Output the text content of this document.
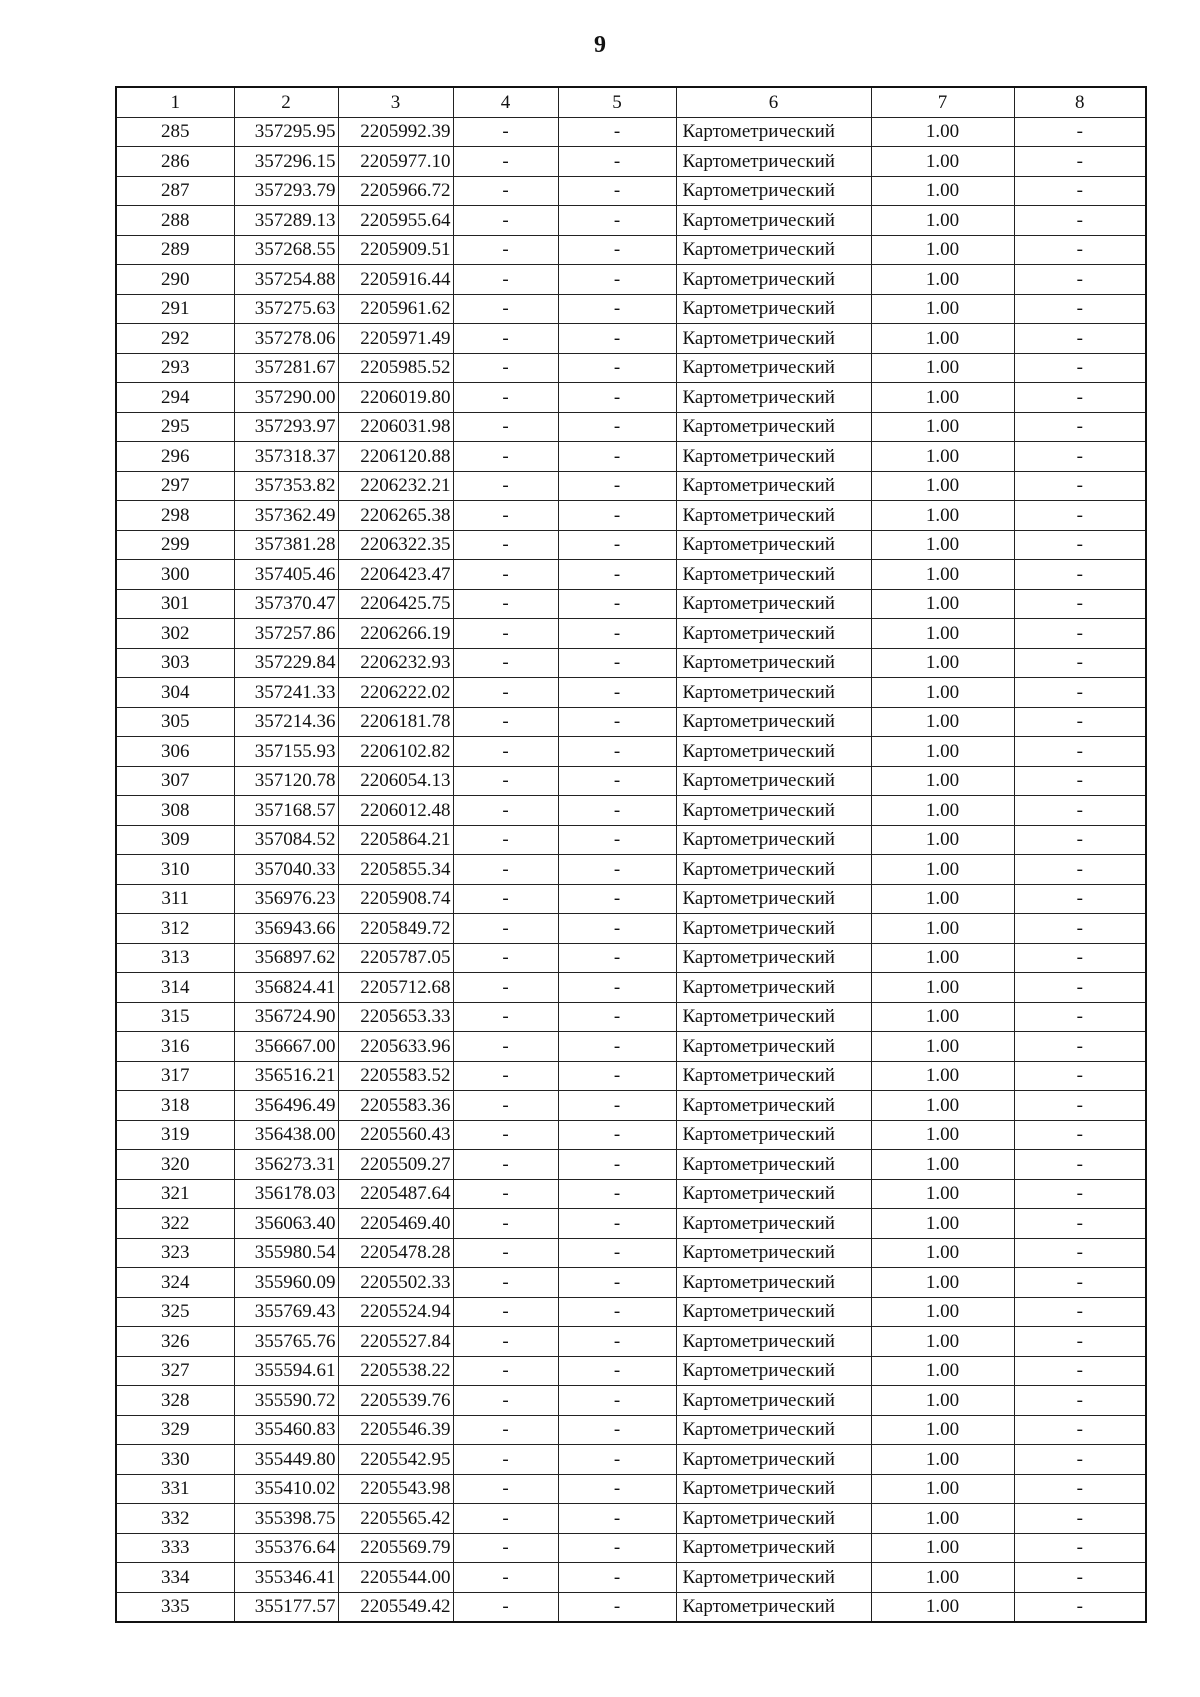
9
1	2	3	4	5	6	7	8
285	357295.95	2205992.39	-	-	Картометрический	1.00	-
286	357296.15	2205977.10	-	-	Картометрический	1.00	-
287	357293.79	2205966.72	-	-	Картометрический	1.00	-
288	357289.13	2205955.64	-	-	Картометрический	1.00	-
289	357268.55	2205909.51	-	-	Картометрический	1.00	-
290	357254.88	2205916.44	-	-	Картометрический	1.00	-
291	357275.63	2205961.62	-	-	Картометрический	1.00	-
292	357278.06	2205971.49	-	-	Картометрический	1.00	-
293	357281.67	2205985.52	-	-	Картометрический	1.00	-
294	357290.00	2206019.80	-	-	Картометрический	1.00	-
295	357293.97	2206031.98	-	-	Картометрический	1.00	-
296	357318.37	2206120.88	-	-	Картометрический	1.00	-
297	357353.82	2206232.21	-	-	Картометрический	1.00	-
298	357362.49	2206265.38	-	-	Картометрический	1.00	-
299	357381.28	2206322.35	-	-	Картометрический	1.00	-
300	357405.46	2206423.47	-	-	Картометрический	1.00	-
301	357370.47	2206425.75	-	-	Картометрический	1.00	-
302	357257.86	2206266.19	-	-	Картометрический	1.00	-
303	357229.84	2206232.93	-	-	Картометрический	1.00	-
304	357241.33	2206222.02	-	-	Картометрический	1.00	-
305	357214.36	2206181.78	-	-	Картометрический	1.00	-
306	357155.93	2206102.82	-	-	Картометрический	1.00	-
307	357120.78	2206054.13	-	-	Картометрический	1.00	-
308	357168.57	2206012.48	-	-	Картометрический	1.00	-
309	357084.52	2205864.21	-	-	Картометрический	1.00	-
310	357040.33	2205855.34	-	-	Картометрический	1.00	-
311	356976.23	2205908.74	-	-	Картометрический	1.00	-
312	356943.66	2205849.72	-	-	Картометрический	1.00	-
313	356897.62	2205787.05	-	-	Картометрический	1.00	-
314	356824.41	2205712.68	-	-	Картометрический	1.00	-
315	356724.90	2205653.33	-	-	Картометрический	1.00	-
316	356667.00	2205633.96	-	-	Картометрический	1.00	-
317	356516.21	2205583.52	-	-	Картометрический	1.00	-
318	356496.49	2205583.36	-	-	Картометрический	1.00	-
319	356438.00	2205560.43	-	-	Картометрический	1.00	-
320	356273.31	2205509.27	-	-	Картометрический	1.00	-
321	356178.03	2205487.64	-	-	Картометрический	1.00	-
322	356063.40	2205469.40	-	-	Картометрический	1.00	-
323	355980.54	2205478.28	-	-	Картометрический	1.00	-
324	355960.09	2205502.33	-	-	Картометрический	1.00	-
325	355769.43	2205524.94	-	-	Картометрический	1.00	-
326	355765.76	2205527.84	-	-	Картометрический	1.00	-
327	355594.61	2205538.22	-	-	Картометрический	1.00	-
328	355590.72	2205539.76	-	-	Картометрический	1.00	-
329	355460.83	2205546.39	-	-	Картометрический	1.00	-
330	355449.80	2205542.95	-	-	Картометрический	1.00	-
331	355410.02	2205543.98	-	-	Картометрический	1.00	-
332	355398.75	2205565.42	-	-	Картометрический	1.00	-
333	355376.64	2205569.79	-	-	Картометрический	1.00	-
334	355346.41	2205544.00	-	-	Картометрический	1.00	-
335	355177.57	2205549.42	-	-	Картометрический	1.00	-
